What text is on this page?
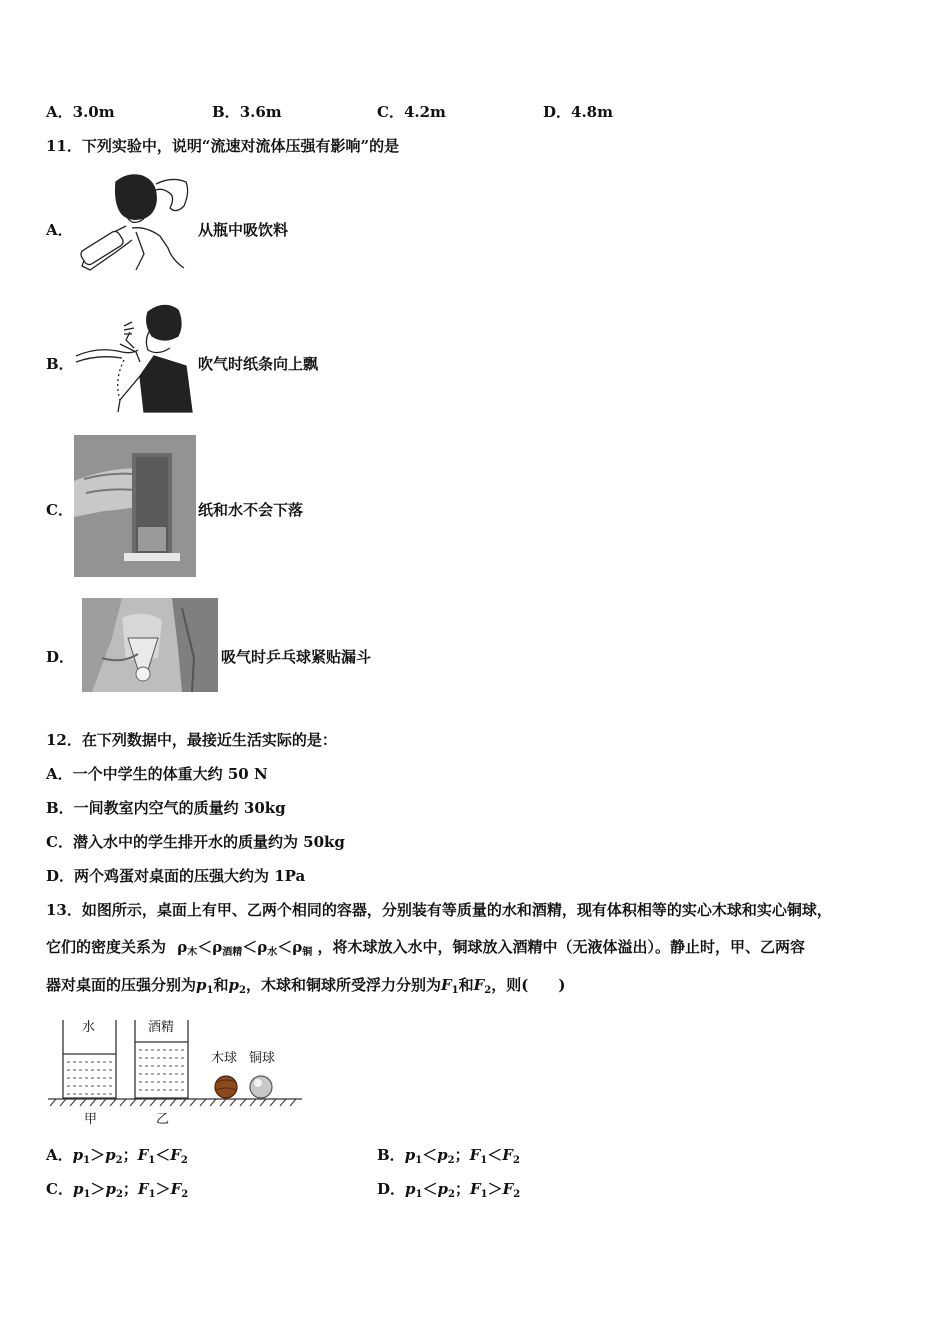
A．3.0m	B．3.6m	C．4.2m	D．4.8m
11．下列实验中，说明“流速对流体压强有影响”的是
A．	从瓶中吸饮料
B．	吹气时纸条向上飘
C．	纸和水不会下落
D．	吸气时乒乓球紧贴漏斗
12．在下列数据中，最接近生活实际的是：
A．一个中学生的体重大约 50 N
B．一间教室内空气的质量约 30kg
C．潜入水中的学生排开水的质量约为 50kg
D．两个鸡蛋对桌面的压强大约为 1Pa
13．如图所示，桌面上有甲、乙两个相同的容器，分别装有等质量的水和酒精，现有体积相等的实心木球和实心铜球，
它们的密度关系为 $\rho_木<\rho_{酒精}<\rho_水<\rho_铜$ ，将木球放入水中，铜球放入酒精中（无液体溢出）。静止时，甲、乙两容
器对桌面的压强分别为$p_1$和$p_2$，木球和铜球所受浮力分别为$F_1$和$F_2$，则(　　)
水	酒精
木球 铜球
甲	乙
A．$p_1>p_2$；$F_1<F_2$	B．$p_1<p_2$；$F_1<F_2$
C．$p_1>p_2$；$F_1>F_2$	D．$p_1<p_2$；$F_1>F_2$
